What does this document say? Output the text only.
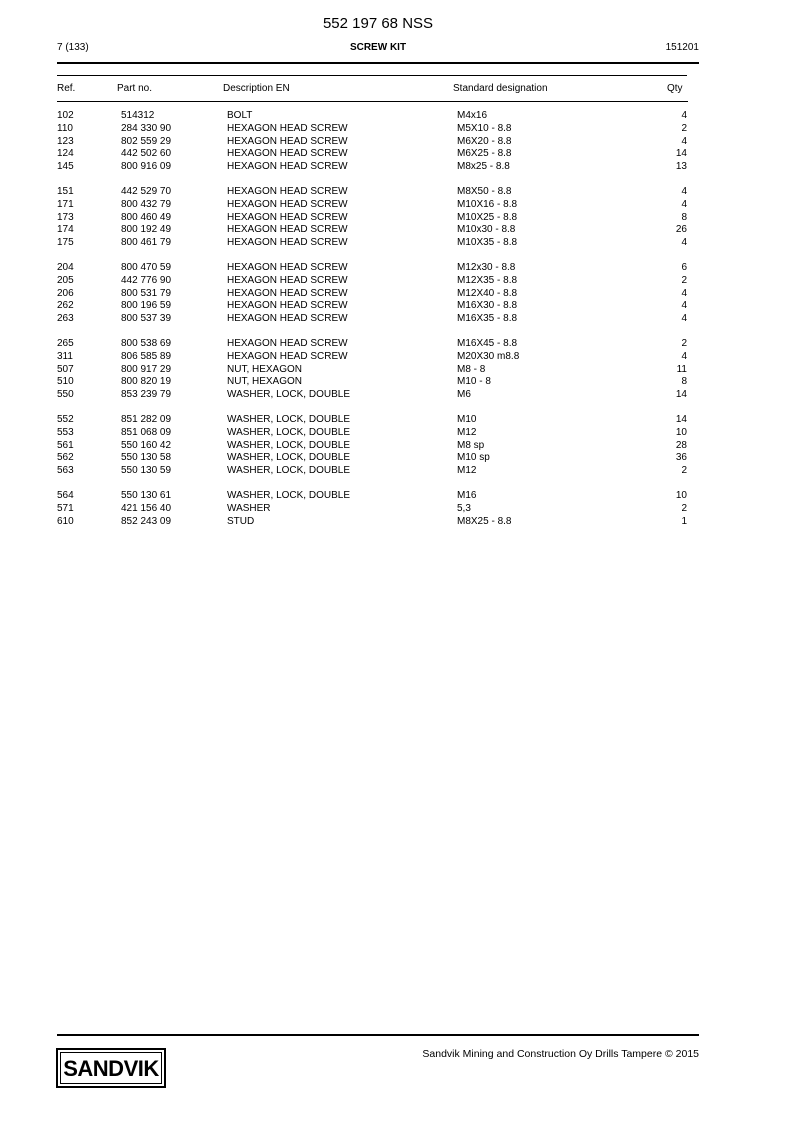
552 197 68 NSS
7 (133)	SCREW KIT	151201
Ref.	Part no.	Description EN	Standard designation	Qty
102	514312	BOLT	M4x16	4
110	284 330 90	HEXAGON HEAD SCREW	M5X10 - 8.8	2
123	802 559 29	HEXAGON HEAD SCREW	M6X20 - 8.8	4
124	442 502 60	HEXAGON HEAD SCREW	M6X25 - 8.8	14
145	800 916 09	HEXAGON HEAD SCREW	M8x25 - 8.8	13
151	442 529 70	HEXAGON HEAD SCREW	M8X50 - 8.8	4
171	800 432 79	HEXAGON HEAD SCREW	M10X16 - 8.8	4
173	800 460 49	HEXAGON HEAD SCREW	M10X25 - 8.8	8
174	800 192 49	HEXAGON HEAD SCREW	M10x30 - 8.8	26
175	800 461 79	HEXAGON HEAD SCREW	M10X35 - 8.8	4
204	800 470 59	HEXAGON HEAD SCREW	M12x30 - 8.8	6
205	442 776 90	HEXAGON HEAD SCREW	M12X35 - 8.8	2
206	800 531 79	HEXAGON HEAD SCREW	M12X40 - 8.8	4
262	800 196 59	HEXAGON HEAD SCREW	M16X30 - 8.8	4
263	800 537 39	HEXAGON HEAD SCREW	M16X35 - 8.8	4
265	800 538 69	HEXAGON HEAD SCREW	M16X45 - 8.8	2
311	806 585 89	HEXAGON HEAD SCREW	M20X30 m8.8	4
507	800 917 29	NUT, HEXAGON	M8 - 8	11
510	800 820 19	NUT, HEXAGON	M10 - 8	8
550	853 239 79	WASHER, LOCK, DOUBLE	M6	14
552	851 282 09	WASHER, LOCK, DOUBLE	M10	14
553	851 068 09	WASHER, LOCK, DOUBLE	M12	10
561	550 160 42	WASHER, LOCK, DOUBLE	M8 sp	28
562	550 130 58	WASHER, LOCK, DOUBLE	M10 sp	36
563	550 130 59	WASHER, LOCK, DOUBLE	M12	2
564	550 130 61	WASHER, LOCK, DOUBLE	M16	10
571	421 156 40	WASHER	5,3	2
610	852 243 09	STUD	M8X25 - 8.8	1
SANDVIK
Sandvik Mining and Construction Oy Drills Tampere © 2015
